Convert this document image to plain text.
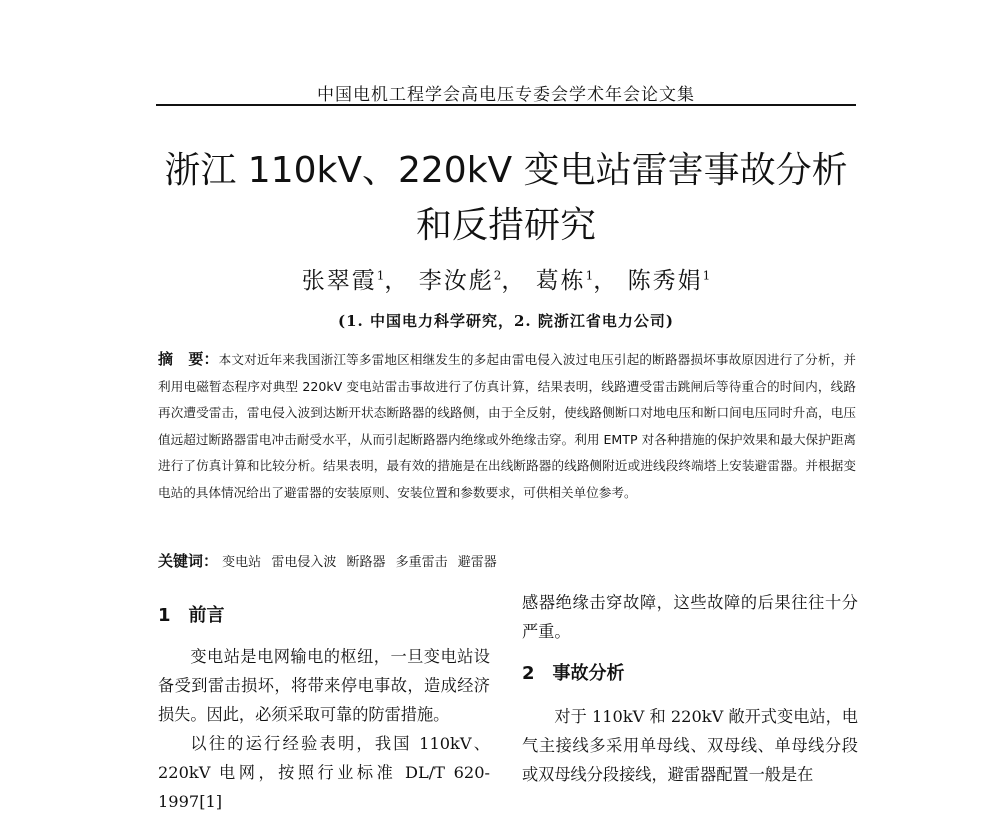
中国电机工程学会高电压专委会学术年会论文集
浙江 110kV、220kV 变电站雷害事故分析
和反措研究
张翠霞$^1$， 李汝彪$^2$， 葛栋$^1$， 陈秀娟$^1$
(1. 中国电力科学研究，2. 院浙江省电力公司)
摘　要：本文对近年来我国浙江等多雷地区相继发生的多起由雷电侵入波过电压引起的断路器损坏事故原因进行了分析，并利用电磁暂态程序对典型 220kV 变电站雷击事故进行了仿真计算，结果表明，线路遭受雷击跳闸后等待重合的时间内，线路再次遭受雷击，雷电侵入波到达断开状态断路器的线路侧，由于全反射，使线路侧断口对地电压和断口间电压同时升高，电压值远超过断路器雷电冲击耐受水平，从而引起断路器内绝缘或外绝缘击穿。利用 EMTP 对各种措施的保护效果和最大保护距离进行了仿真计算和比较分析。结果表明，最有效的措施是在出线断路器的线路侧附近或进线段终端塔上安装避雷器。并根据变电站的具体情况给出了避雷器的安装原则、安装位置和参数要求，可供相关单位参考。
关键词： 变电站 雷电侵入波 断路器 多重雷击 避雷器
1 前言

变电站是电网输电的枢纽，一旦变电站设备受到雷击损坏，将带来停电事故，造成经济损失。因此，必须采取可靠的防雷措施。

以往的运行经验表明，我国 110kV、220kV 电网，按照行业标准 DL/T 620-1997[1]

感器绝缘击穿故障，这些故障的后果往往十分严重。

2 事故分析

对于 110kV 和 220kV 敞开式变电站，电气主接线多采用单母线、双母线、单母线分段或双母线分段接线，避雷器配置一般是在
